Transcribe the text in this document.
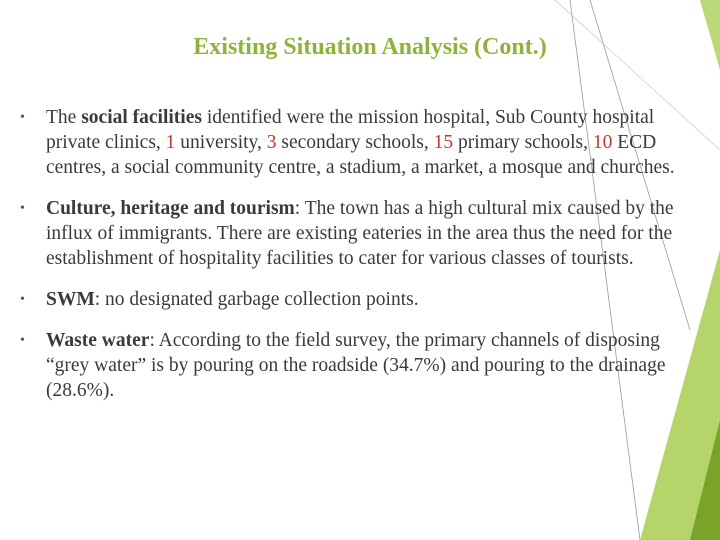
Existing Situation Analysis (Cont.)
• The social facilities identified were the mission hospital, Sub County hospital private clinics, 1 university, 3 secondary schools, 15 primary schools, 10 ECD centres, a social community centre, a stadium, a market, a mosque and churches.
• Culture, heritage and tourism: The town has a high cultural mix caused by the influx of immigrants. There are existing eateries in the area thus the need for the establishment of hospitality facilities to cater for various classes of tourists.
• SWM: no designated garbage collection points.
• Waste water: According to the field survey, the primary channels of disposing “grey water” is by pouring on the roadside (34.7%) and pouring to the drainage (28.6%).
